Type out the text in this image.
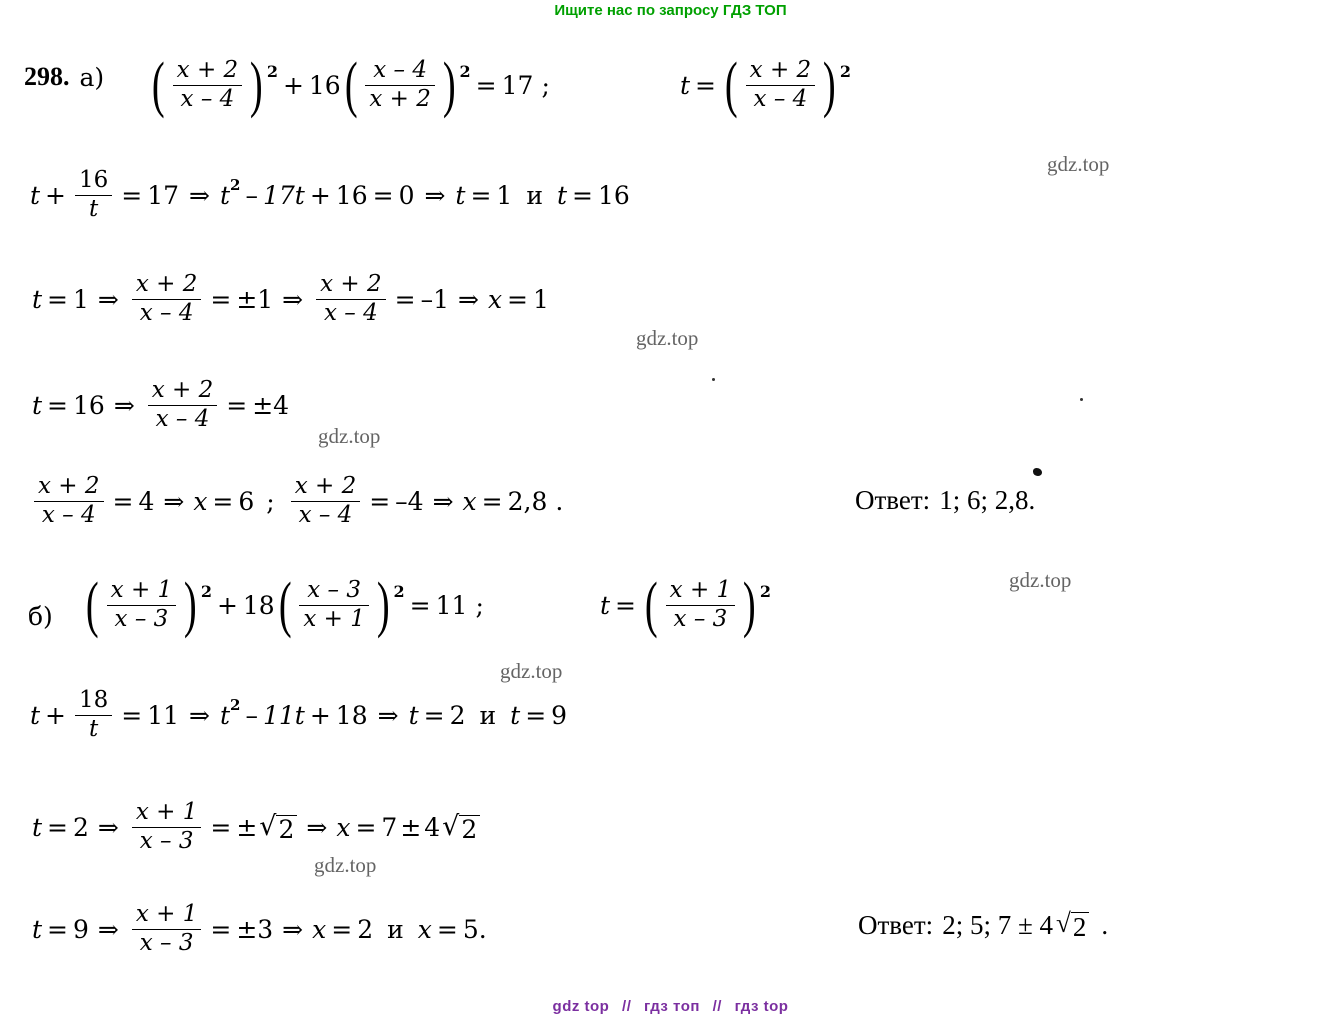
Ищите нас по запросу ГДЗ ТОП
gdz.top
gdz.top
gdz.top
gdz.top
gdz.top
gdz.top
298. а) ( $\frac{x + 2}{x - 4}$ ) 2 + 16 ( $\frac{x - 4}{x + 2}$ ) 2 = 17 ;	t = ( $\frac{x + 2}{x - 4}$ ) 2
$t + \frac{16}{t} = 17$ ⇒ t 2 – 17t + 16 = 0 ⇒ t = 1 и t = 16
t = 1 ⇒ $\frac{x + 2}{x - 4} = \pm 1$ ⇒ $\frac{x + 2}{x - 4} = -1$ ⇒ x = 1
t = 16 ⇒ $\frac{x + 2}{x - 4} = \pm 4$
$\frac{x + 2}{x - 4} = 4$ ⇒ x = 6 ; $\frac{x + 2}{x - 4} = -4$ ⇒ x = 2,8 .	Ответ: 1; 6; 2,8.
б) ( $\frac{x + 1}{x - 3}$ ) 2 + 18 ( $\frac{x - 3}{x + 1}$ ) 2 = 11 ;	t = ( $\frac{x + 1}{x - 3}$ ) 2
$t + \frac{18}{t} = 11$ ⇒ t 2 – 11t + 18 ⇒ t = 2 и t = 9
t = 2 ⇒ $\frac{x + 1}{x - 3}$ = ± √ 2 ⇒ x = 7 ± 4 √ 2
t = 9 ⇒ $\frac{x + 1}{x - 3} = \pm 3$ ⇒ x = 2 и x = 5.	Ответ: 2; 5; 7 ± 4 √ 2 .
gdz top // гдз топ // гдз top
